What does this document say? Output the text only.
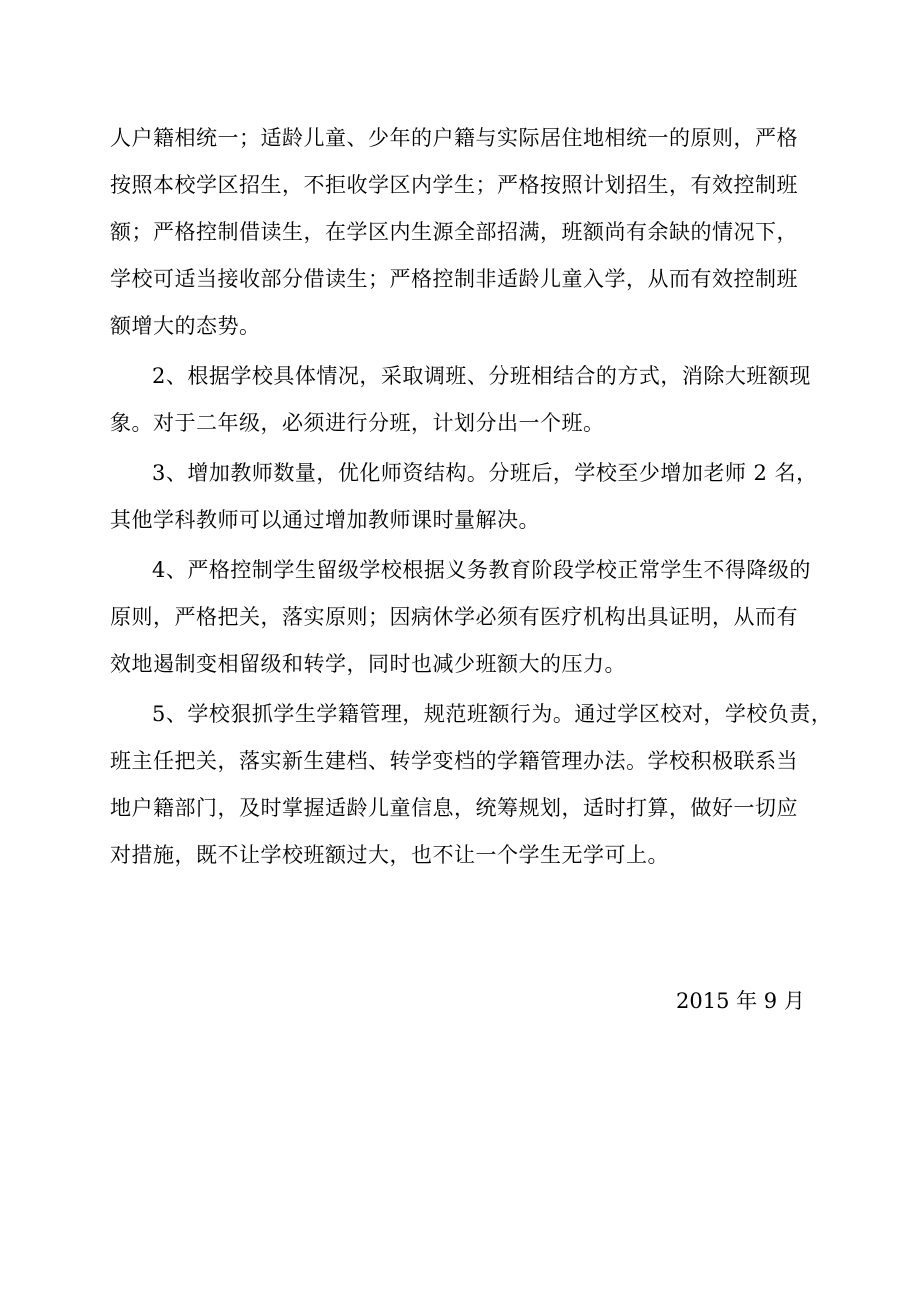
人户籍相统一；适龄儿童、少年的户籍与实际居住地相统一的原则，严格
按照本校学区招生，不拒收学区内学生；严格按照计划招生，有效控制班
额；严格控制借读生，在学区内生源全部招满，班额尚有余缺的情况下，
学校可适当接收部分借读生；严格控制非适龄儿童入学，从而有效控制班
额增大的态势。
2、根据学校具体情况，采取调班、分班相结合的方式，消除大班额现
象。对于二年级，必须进行分班，计划分出一个班。
3、增加教师数量，优化师资结构。分班后，学校至少增加老师 2 名，
其他学科教师可以通过增加教师课时量解决。
4、严格控制学生留级学校根据义务教育阶段学校正常学生不得降级的
原则，严格把关，落实原则；因病休学必须有医疗机构出具证明，从而有
效地遏制变相留级和转学，同时也减少班额大的压力。
5、学校狠抓学生学籍管理，规范班额行为。通过学区校对，学校负责，
班主任把关，落实新生建档、转学变档的学籍管理办法。学校积极联系当
地户籍部门，及时掌握适龄儿童信息，统筹规划，适时打算，做好一切应
对措施，既不让学校班额过大，也不让一个学生无学可上。
2015 年 9 月
